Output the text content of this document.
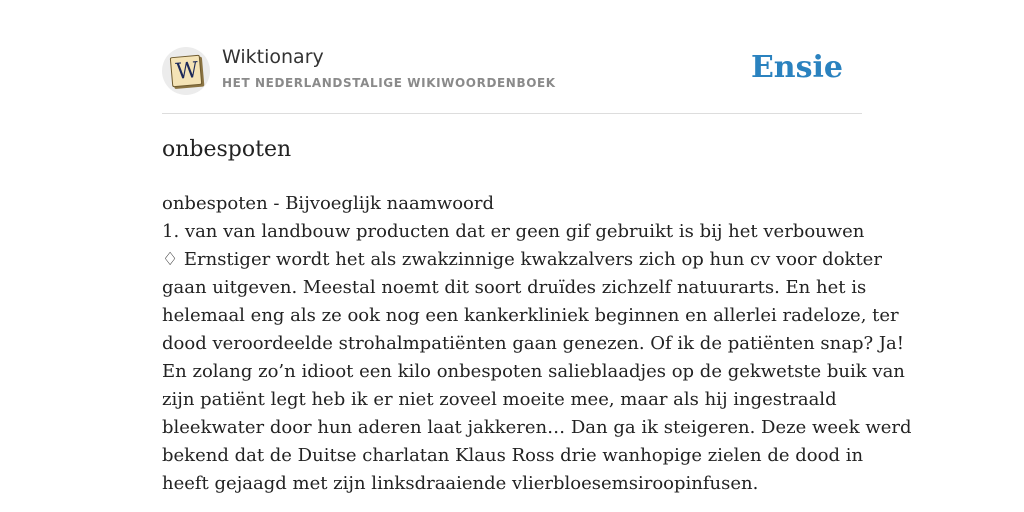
W
Wiktionary
HET NEDERLANDSTALIGE WIKIWOORDENBOEK	Ensie
onbespoten
onbespoten - Bijvoeglijk naamwoord
1. van van landbouw producten dat er geen gif gebruikt is bij het verbouwen
♢ Ernstiger wordt het als zwakzinnige kwakzalvers zich op hun cv voor dokter
gaan uitgeven. Meestal noemt dit soort druïdes zichzelf natuurarts. En het is
helemaal eng als ze ook nog een kankerkliniek beginnen en allerlei radeloze, ter
dood veroordeelde strohalmpatiënten gaan genezen. Of ik de patiënten snap? Ja!
En zolang zo’n idioot een kilo onbespoten salieblaadjes op de gekwetste buik van
zijn patiënt legt heb ik er niet zoveel moeite mee, maar als hij ingestraald
bleekwater door hun aderen laat jakkeren… Dan ga ik steigeren. Deze week werd
bekend dat de Duitse charlatan Klaus Ross drie wanhopige zielen de dood in
heeft gejaagd met zijn linksdraaiende vlierbloesemsiroopinfusen.
